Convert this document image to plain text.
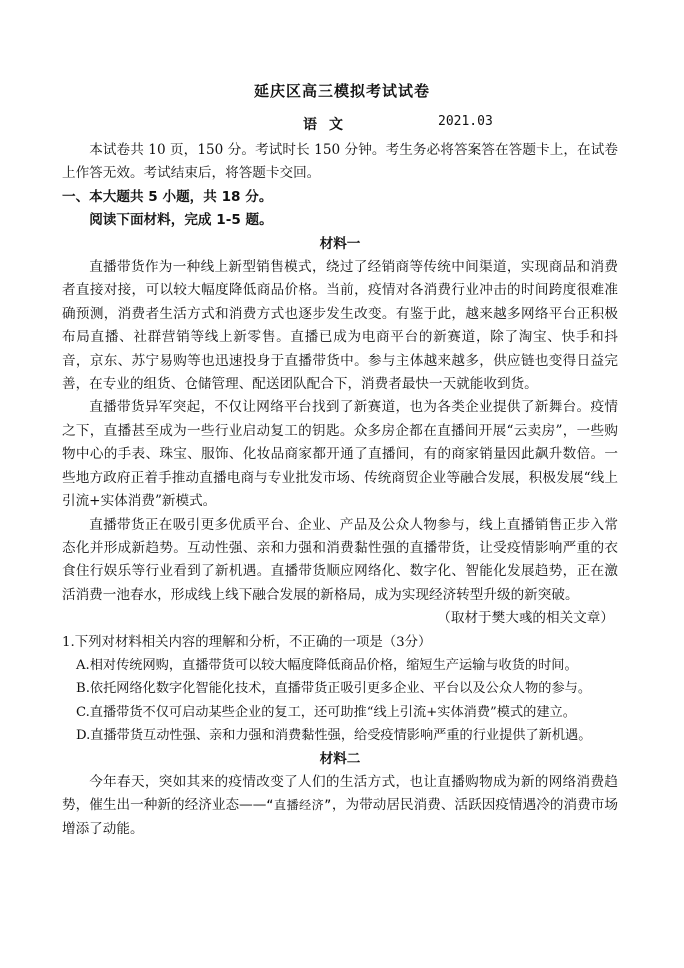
延庆区高三模拟考试试卷
语文	2021.03

本试卷共 10 页，150 分。考试时长 150 分钟。考生务必将答案答在答题卡上，在试卷上作答无效。考试结束后，将答题卡交回。

一、本大题共 5 小题，共 18 分。

阅读下面材料，完成 1-5 题。

材料一

直播带货作为一种线上新型销售模式，绕过了经销商等传统中间渠道，实现商品和消费者直接对接，可以较大幅度降低商品价格。当前，疫情对各消费行业冲击的时间跨度很难准确预测，消费者生活方式和消费方式也逐步发生改变。有鉴于此，越来越多网络平台正积极布局直播、社群营销等线上新零售。直播已成为电商平台的新赛道，除了淘宝、快手和抖音，京东、苏宁易购等也迅速投身于直播带货中。参与主体越来越多，供应链也变得日益完善，在专业的组货、仓储管理、配送团队配合下，消费者最快一天就能收到货。

直播带货异军突起，不仅让网络平台找到了新赛道，也为各类企业提供了新舞台。疫情之下，直播甚至成为一些行业启动复工的钥匙。众多房企都在直播间开展“云卖房”，一些购物中心的手表、珠宝、服饰、化妆品商家都开通了直播间，有的商家销量因此飙升数倍。一些地方政府正着手推动直播电商与专业批发市场、传统商贸企业等融合发展，积极发展“线上引流+实体消费”新模式。

直播带货正在吸引更多优质平台、企业、产品及公众人物参与，线上直播销售正步入常态化并形成新趋势。互动性强、亲和力强和消费黏性强的直播带货，让受疫情影响严重的衣食住行娱乐等行业看到了新机遇。直播带货顺应网络化、数字化、智能化发展趋势，正在激活消费一池春水，形成线上线下融合发展的新格局，成为实现经济转型升级的新突破。

（取材于樊大彧的相关文章）

1.下列对材料相关内容的理解和分析，不正确的一项是（3分）

A.相对传统网购，直播带货可以较大幅度降低商品价格，缩短生产运输与收货的时间。

B.依托网络化数字化智能化技术，直播带货正吸引更多企业、平台以及公众人物的参与。

C.直播带货不仅可启动某些企业的复工，还可助推“线上引流+实体消费”模式的建立。

D.直播带货互动性强、亲和力强和消费黏性强，给受疫情影响严重的行业提供了新机遇。

材料二

今年春天，突如其来的疫情改变了人们的生活方式，也让直播购物成为新的网络消费趋势，催生出一种新的经济业态——“直播经济”，为带动居民消费、活跃因疫情遇冷的消费市场增添了动能。
